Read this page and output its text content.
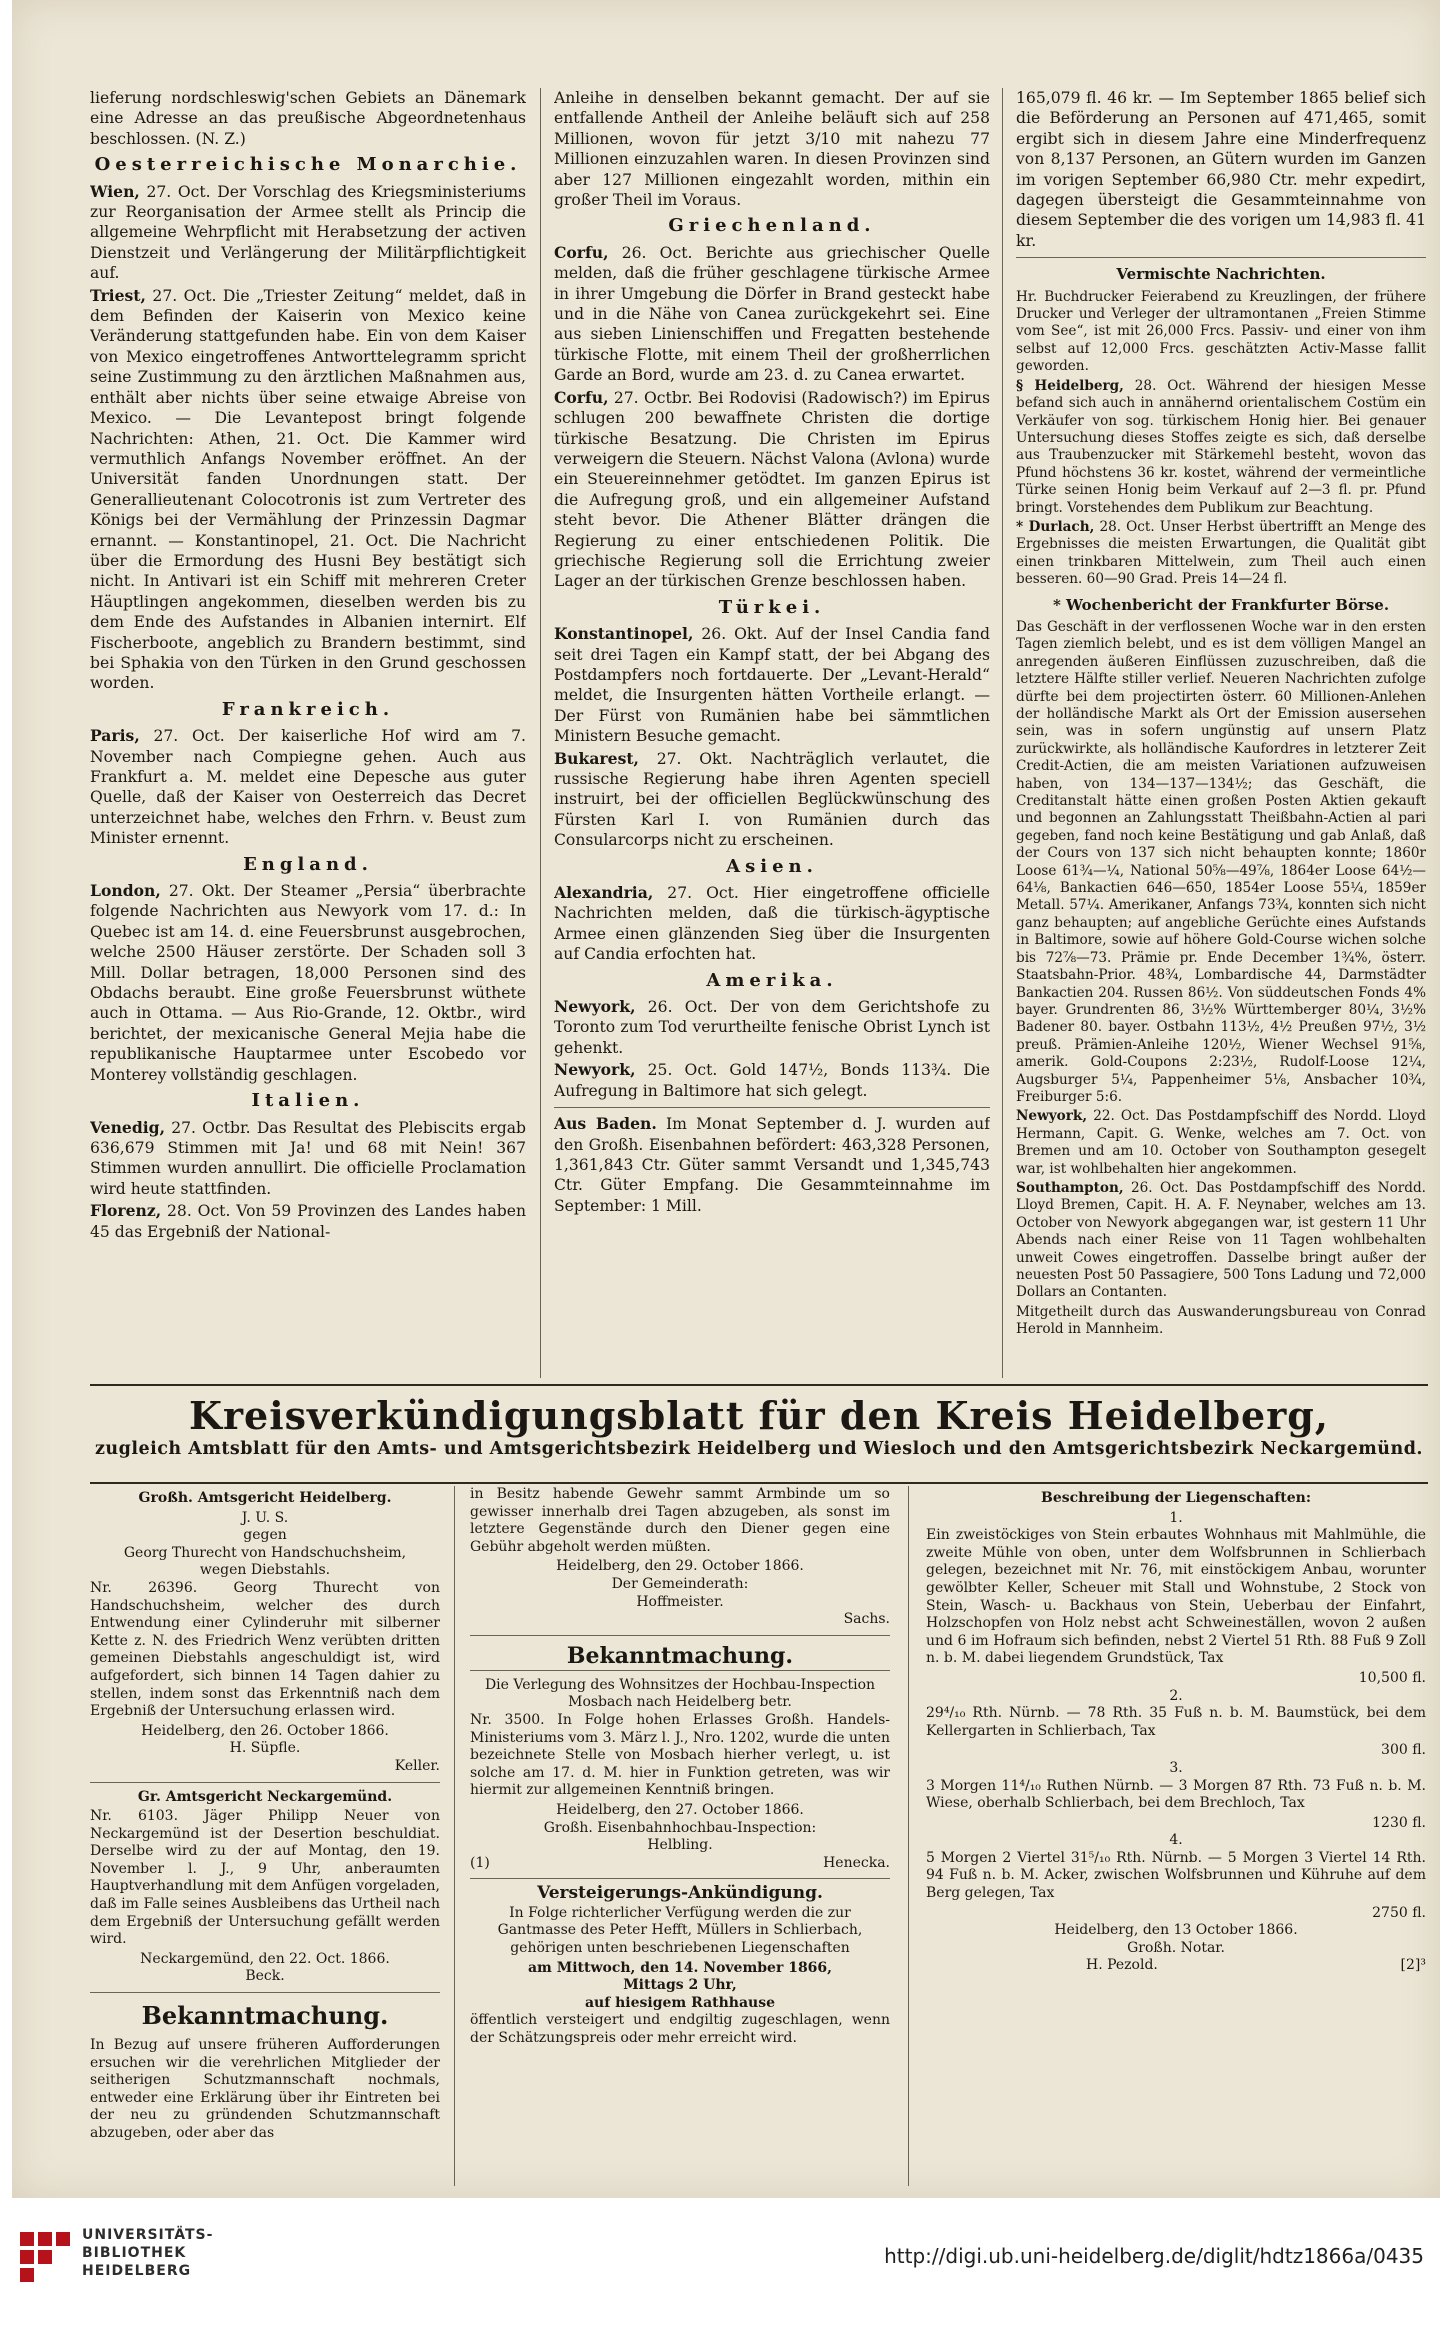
lieferung nordschleswig'schen Gebiets an Dänemark eine Adresse an das preußische Abgeordnetenhaus beschlossen. (N. Z.)

Oesterreichische Monarchie.

Wien, 27. Oct. Der Vorschlag des Kriegsministeriums zur Reorganisation der Armee stellt als Princip die allgemeine Wehrpflicht mit Herabsetzung der activen Dienstzeit und Verlängerung der Militärpflichtigkeit auf.

Triest, 27. Oct. Die „Triester Zeitung“ meldet, daß in dem Befinden der Kaiserin von Mexico keine Veränderung stattgefunden habe. Ein von dem Kaiser von Mexico eingetroffenes Antworttelegramm spricht seine Zustimmung zu den ärztlichen Maßnahmen aus, enthält aber nichts über seine etwaige Abreise von Mexico. — Die Levantepost bringt folgende Nachrichten: Athen, 21. Oct. Die Kammer wird vermuthlich Anfangs November eröffnet. An der Universität fanden Unordnungen statt. Der Generallieutenant Colocotronis ist zum Vertreter des Königs bei der Vermählung der Prinzessin Dagmar ernannt. — Konstantinopel, 21. Oct. Die Nachricht über die Ermordung des Husni Bey bestätigt sich nicht. In Antivari ist ein Schiff mit mehreren Creter Häuptlingen angekommen, dieselben werden bis zu dem Ende des Aufstandes in Albanien internirt. Elf Fischerboote, angeblich zu Brandern bestimmt, sind bei Sphakia von den Türken in den Grund geschossen worden.

Frankreich.

Paris, 27. Oct. Der kaiserliche Hof wird am 7. November nach Compiegne gehen. Auch aus Frankfurt a. M. meldet eine Depesche aus guter Quelle, daß der Kaiser von Oesterreich das Decret unterzeichnet habe, welches den Frhrn. v. Beust zum Minister ernennt.

England.

London, 27. Okt. Der Steamer „Persia“ überbrachte folgende Nachrichten aus Newyork vom 17. d.: In Quebec ist am 14. d. eine Feuersbrunst ausgebrochen, welche 2500 Häuser zerstörte. Der Schaden soll 3 Mill. Dollar betragen, 18,000 Personen sind des Obdachs beraubt. Eine große Feuersbrunst wüthete auch in Ottama. — Aus Rio-Grande, 12. Oktbr., wird berichtet, der mexicanische General Mejia habe die republikanische Hauptarmee unter Escobedo vor Monterey vollständig geschlagen.

Italien.

Venedig, 27. Octbr. Das Resultat des Plebiscits ergab 636,679 Stimmen mit Ja! und 68 mit Nein! 367 Stimmen wurden annullirt. Die officielle Proclamation wird heute stattfinden.

Florenz, 28. Oct. Von 59 Provinzen des Landes haben 45 das Ergebniß der National-

Anleihe in denselben bekannt gemacht. Der auf sie entfallende Antheil der Anleihe beläuft sich auf 258 Millionen, wovon für jetzt 3/10 mit nahezu 77 Millionen einzuzahlen waren. In diesen Provinzen sind aber 127 Millionen eingezahlt worden, mithin ein großer Theil im Voraus.

Griechenland.

Corfu, 26. Oct. Berichte aus griechischer Quelle melden, daß die früher geschlagene türkische Armee in ihrer Umgebung die Dörfer in Brand gesteckt habe und in die Nähe von Canea zurückgekehrt sei. Eine aus sieben Linienschiffen und Fregatten bestehende türkische Flotte, mit einem Theil der großherrlichen Garde an Bord, wurde am 23. d. zu Canea erwartet.

Corfu, 27. Octbr. Bei Rodovisi (Radowisch?) im Epirus schlugen 200 bewaffnete Christen die dortige türkische Besatzung. Die Christen im Epirus verweigern die Steuern. Nächst Valona (Avlona) wurde ein Steuereinnehmer getödtet. Im ganzen Epirus ist die Aufregung groß, und ein allgemeiner Aufstand steht bevor. Die Athener Blätter drängen die Regierung zu einer entschiedenen Politik. Die griechische Regierung soll die Errichtung zweier Lager an der türkischen Grenze beschlossen haben.

Türkei.

Konstantinopel, 26. Okt. Auf der Insel Candia fand seit drei Tagen ein Kampf statt, der bei Abgang des Postdampfers noch fortdauerte. Der „Levant-Herald“ meldet, die Insurgenten hätten Vortheile erlangt. — Der Fürst von Rumänien habe bei sämmtlichen Ministern Besuche gemacht.

Bukarest, 27. Okt. Nachträglich verlautet, die russische Regierung habe ihren Agenten speciell instruirt, bei der officiellen Beglückwünschung des Fürsten Karl I. von Rumänien durch das Consularcorps nicht zu erscheinen.

Asien.

Alexandria, 27. Oct. Hier eingetroffene officielle Nachrichten melden, daß die türkisch-ägyptische Armee einen glänzenden Sieg über die Insurgenten auf Candia erfochten hat.

Amerika.

Newyork, 26. Oct. Der von dem Gerichtshofe zu Toronto zum Tod verurtheilte fenische Obrist Lynch ist gehenkt.

Newyork, 25. Oct. Gold 147½, Bonds 113¾. Die Aufregung in Baltimore hat sich gelegt.

Aus Baden. Im Monat September d. J. wurden auf den Großh. Eisenbahnen befördert: 463,328 Personen, 1,361,843 Ctr. Güter sammt Versandt und 1,345,743 Ctr. Güter Empfang. Die Gesammteinnahme im September: 1 Mill.

165,079 fl. 46 kr. — Im September 1865 belief sich die Beförderung an Personen auf 471,465, somit ergibt sich in diesem Jahre eine Minderfrequenz von 8,137 Personen, an Gütern wurden im Ganzen im vorigen September 66,980 Ctr. mehr expedirt, dagegen übersteigt die Gesammteinnahme von diesem September die des vorigen um 14,983 fl. 41 kr.

Vermischte Nachrichten.

Hr. Buchdrucker Feierabend zu Kreuzlingen, der frühere Drucker und Verleger der ultramontanen „Freien Stimme vom See“, ist mit 26,000 Frcs. Passiv- und einer von ihm selbst auf 12,000 Frcs. geschätzten Activ-Masse fallit geworden.

§ Heidelberg, 28. Oct. Während der hiesigen Messe befand sich auch in annähernd orientalischem Costüm ein Verkäufer von sog. türkischem Honig hier. Bei genauer Untersuchung dieses Stoffes zeigte es sich, daß derselbe aus Traubenzucker mit Stärkemehl besteht, wovon das Pfund höchstens 36 kr. kostet, während der vermeintliche Türke seinen Honig beim Verkauf auf 2—3 fl. pr. Pfund bringt. Vorstehendes dem Publikum zur Beachtung.

* Durlach, 28. Oct. Unser Herbst übertrifft an Menge des Ergebnisses die meisten Erwartungen, die Qualität gibt einen trinkbaren Mittelwein, zum Theil auch einen besseren. 60—90 Grad. Preis 14—24 fl.

* Wochenbericht der Frankfurter Börse.

Das Geschäft in der verflossenen Woche war in den ersten Tagen ziemlich belebt, und es ist dem völligen Mangel an anregenden äußeren Einflüssen zuzuschreiben, daß die letztere Hälfte stiller verlief. Neueren Nachrichten zufolge dürfte bei dem projectirten österr. 60 Millionen-Anlehen der holländische Markt als Ort der Emission ausersehen sein, was in sofern ungünstig auf unsern Platz zurückwirkte, als holländische Kaufordres in letzterer Zeit Credit-Actien, die am meisten Variationen aufzuweisen haben, von 134—137—134½; das Geschäft, die Creditanstalt hätte einen großen Posten Aktien gekauft und begonnen an Zahlungsstatt Theißbahn-Actien al pari gegeben, fand noch keine Bestätigung und gab Anlaß, daß der Cours von 137 sich nicht behaupten konnte; 1860r Loose 61¾—¼, National 50⅝—49⅞, 1864er Loose 64½—64⅛, Bankactien 646—650, 1854er Loose 55¼, 1859er Metall. 57¼. Amerikaner, Anfangs 73¾, konnten sich nicht ganz behaupten; auf angebliche Gerüchte eines Aufstands in Baltimore, sowie auf höhere Gold-Course wichen solche bis 72⅞—73. Prämie pr. Ende December 1¾%, österr. Staatsbahn-Prior. 48¾, Lombardische 44, Darmstädter Bankactien 204. Russen 86½. Von süddeutschen Fonds 4% bayer. Grundrenten 86, 3½% Württemberger 80¼, 3½% Badener 80. bayer. Ostbahn 113½, 4½ Preußen 97½, 3½ preuß. Prämien-Anleihe 120½, Wiener Wechsel 91⅝, amerik. Gold-Coupons 2:23½, Rudolf-Loose 12¼, Augsburger 5¼, Pappenheimer 5⅛, Ansbacher 10¾, Freiburger 5:6.

Newyork, 22. Oct. Das Postdampfschiff des Nordd. Lloyd Hermann, Capit. G. Wenke, welches am 7. Oct. von Bremen und am 10. October von Southampton gesegelt war, ist wohlbehalten hier angekommen.

Southampton, 26. Oct. Das Postdampfschiff des Nordd. Lloyd Bremen, Capit. H. A. F. Neynaber, welches am 13. October von Newyork abgegangen war, ist gestern 11 Uhr Abends nach einer Reise von 11 Tagen wohlbehalten unweit Cowes eingetroffen. Dasselbe bringt außer der neuesten Post 50 Passagiere, 500 Tons Ladung und 72,000 Dollars an Contanten.

Mitgetheilt durch das Auswanderungsbureau von Conrad Herold in Mannheim.

Kreisverkündigungsblatt für den Kreis Heidelberg,
zugleich Amtsblatt für den Amts- und Amtsgerichtsbezirk Heidelberg und Wiesloch und den Amtsgerichtsbezirk Neckargemünd.
Großh. Amtsgericht Heidelberg.
J. U. S.
gegen
Georg Thurecht von Handschuchsheim,
wegen Diebstahls.

Nr. 26396. Georg Thurecht von Handschuchsheim, welcher des durch Entwendung einer Cylinderuhr mit silberner Kette z. N. des Friedrich Wenz verübten dritten gemeinen Diebstahls angeschuldigt ist, wird aufgefordert, sich binnen 14 Tagen dahier zu stellen, indem sonst das Erkenntniß nach dem Ergebniß der Untersuchung erlassen wird.

Heidelberg, den 26. October 1866.
H. Süpfle.
Keller.
Gr. Amtsgericht Neckargemünd.

Nr. 6103. Jäger Philipp Neuer von Neckargemünd ist der Desertion beschuldiat. Derselbe wird zu der auf Montag, den 19. November l. J., 9 Uhr, anberaumten Hauptverhandlung mit dem Anfügen vorgeladen, daß im Falle seines Ausbleibens das Urtheil nach dem Ergebniß der Untersuchung gefällt werden wird.

Neckargemünd, den 22. Oct. 1866.
Beck.
Bekanntmachung.

In Bezug auf unsere früheren Aufforderungen ersuchen wir die verehrlichen Mitglieder der seitherigen Schutzmannschaft nochmals, entweder eine Erklärung über ihr Eintreten bei der neu zu gründenden Schutzmannschaft abzugeben, oder aber das

in Besitz habende Gewehr sammt Armbinde um so gewisser innerhalb drei Tagen abzugeben, als sonst im letztere Gegenstände durch den Diener gegen eine Gebühr abgeholt werden müßten.

Heidelberg, den 29. October 1866.
Der Gemeinderath:
Hoffmeister.
Sachs.
Bekanntmachung.
Die Verlegung des Wohnsitzes der Hochbau-Inspection Mosbach nach Heidelberg betr.

Nr. 3500. In Folge hohen Erlasses Großh. Handels-Ministeriums vom 3. März l. J., Nro. 1202, wurde die unten bezeichnete Stelle von Mosbach hierher verlegt, u. ist solche am 17. d. M. hier in Funktion getreten, was wir hiermit zur allgemeinen Kenntniß bringen.

Heidelberg, den 27. October 1866.
Großh. Eisenbahnhochbau-Inspection:
Helbling.
(1)	Henecka.
Versteigerungs-Ankündigung.

In Folge richterlicher Verfügung werden die zur Gantmasse des Peter Hefft, Müllers in Schlierbach, gehörigen unten beschriebenen Liegenschaften

am Mittwoch, den 14. November 1866,
Mittags 2 Uhr,
auf hiesigem Rathhause

öffentlich versteigert und endgiltig zugeschlagen, wenn der Schätzungspreis oder mehr erreicht wird.

Beschreibung der Liegenschaften:
1.

Ein zweistöckiges von Stein erbautes Wohnhaus mit Mahlmühle, die zweite Mühle von oben, unter dem Wolfsbrunnen in Schlierbach gelegen, bezeichnet mit Nr. 76, mit einstöckigem Anbau, worunter gewölbter Keller, Scheuer mit Stall und Wohnstube, 2 Stock von Stein, Wasch- u. Backhaus von Stein, Ueberbau der Einfahrt, Holzschopfen von Holz nebst acht Schweineställen, wovon 2 außen und 6 im Hofraum sich befinden, nebst 2 Viertel 51 Rth. 88 Fuß 9 Zoll n. b. M. dabei liegendem Grundstück, Tax

10,500 fl.
2.

29⁴/₁₀ Rth. Nürnb. — 78 Rth. 35 Fuß n. b. M. Baumstück, bei dem Kellergarten in Schlierbach, Tax

300 fl.
3.

3 Morgen 11⁴/₁₀ Ruthen Nürnb. — 3 Morgen 87 Rth. 73 Fuß n. b. M. Wiese, oberhalb Schlierbach, bei dem Brechloch, Tax

1230 fl.
4.

5 Morgen 2 Viertel 31⁵/₁₀ Rth. Nürnb. — 5 Morgen 3 Viertel 14 Rth. 94 Fuß n. b. M. Acker, zwischen Wolfsbrunnen und Kühruhe auf dem Berg gelegen, Tax

2750 fl.
Heidelberg, den 13 October 1866.
Großh. Notar.
H. Pezold.	[2]³
UNIVERSITÄTS-
BIBLIOTHEK
HEIDELBERG
http://digi.ub.uni-heidelberg.de/diglit/hdtz1866a/0435
